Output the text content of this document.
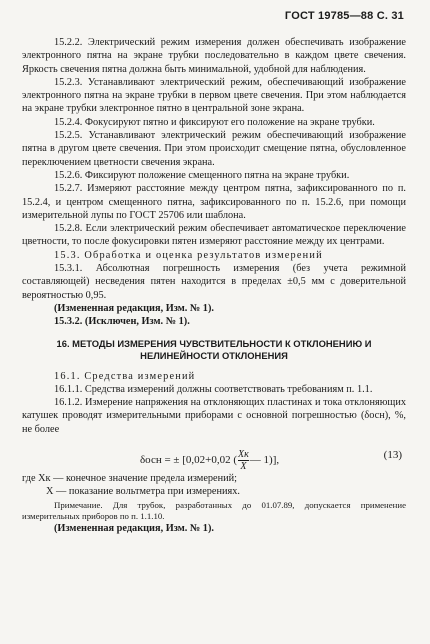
ГОСТ 19785—88 С. 31

15.2.2. Электрический режим измерения должен обеспечивать изображение электронного пятна на экране трубки последовательно в каждом цвете свечения. Яркость свечения пятна должна быть минимальной, удобной для наблюдения.

15.2.3. Устанавливают электрический режим, обеспечивающий изображение электронного пятна на экране трубки в первом цвете свечения. При этом наблюдается на экране трубки электронное пятно в центральной зоне экрана.

15.2.4. Фокусируют пятно и фиксируют его положение на экране трубки.

15.2.5. Устанавливают электрический режим обеспечивающий изображение пятна в другом цвете свечения. При этом происходит смещение пятна, обусловленное переключением цветности свечения экрана.

15.2.6. Фиксируют положение смещенного пятна на экране трубки.

15.2.7. Измеряют расстояние между центром пятна, зафиксированного по п. 15.2.4, и центром смещенного пятна, зафиксированного по п. 15.2.6, при помощи измерительной лупы по ГОСТ 25706 или шаблона.

15.2.8. Если электрический режим обеспечивает автоматическое переключение цветности, то после фокусировки пятен измеряют расстояние между их центрами.

15.3. Обработка и оценка результатов измерений

15.3.1. Абсолютная погрешность измерения (без учета режимной составляющей) несведения пятен находится в пределах ±0,5 мм с доверительной вероятностью 0,95.

(Измененная редакция, Изм. № 1).

15.3.2. (Исключен, Изм. № 1).

16. МЕТОДЫ ИЗМЕРЕНИЯ ЧУВСТВИТЕЛЬНОСТИ К ОТКЛОНЕНИЮ И НЕЛИНЕЙНОСТИ ОТКЛОНЕНИЯ

16.1. Средства измерений

16.1.1. Средства измерений должны соответствовать требованиям п. 1.1.

16.1.2. Измерение напряжения на отклоняющих пластинах и тока отклоняющих катушек проводят измерительными приборами с основной погрешностью (δосн), %, не более

δосн = ± [0,02+0,02 ( $\frac{Xк}{X}$ — 1)],	(13)

где Xк — конечное значение предела измерений;

X — показание вольтметра при измерениях.

Примечание. Для трубок, разработанных до 01.07.89, допускается применение измерительных приборов по п. 1.1.10.

(Измененная редакция, Изм. № 1).
